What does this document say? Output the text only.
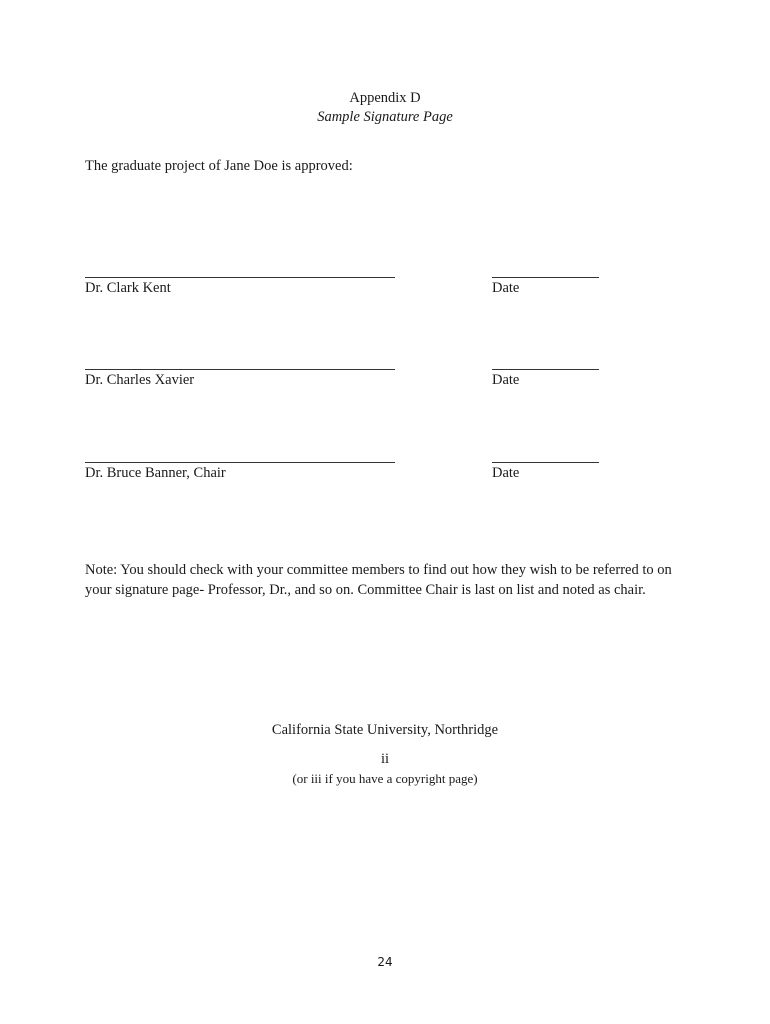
Appendix D
Sample Signature Page
The graduate project of Jane Doe is approved:
Dr. Clark Kent	Date
Dr. Charles Xavier	Date
Dr. Bruce Banner, Chair	Date
Note: You should check with your committee members to find out how they wish to be referred to on your signature page- Professor, Dr., and so on. Committee Chair is last on list and noted as chair.
California State University, Northridge
ii
(or iii if you have a copyright page)
24
